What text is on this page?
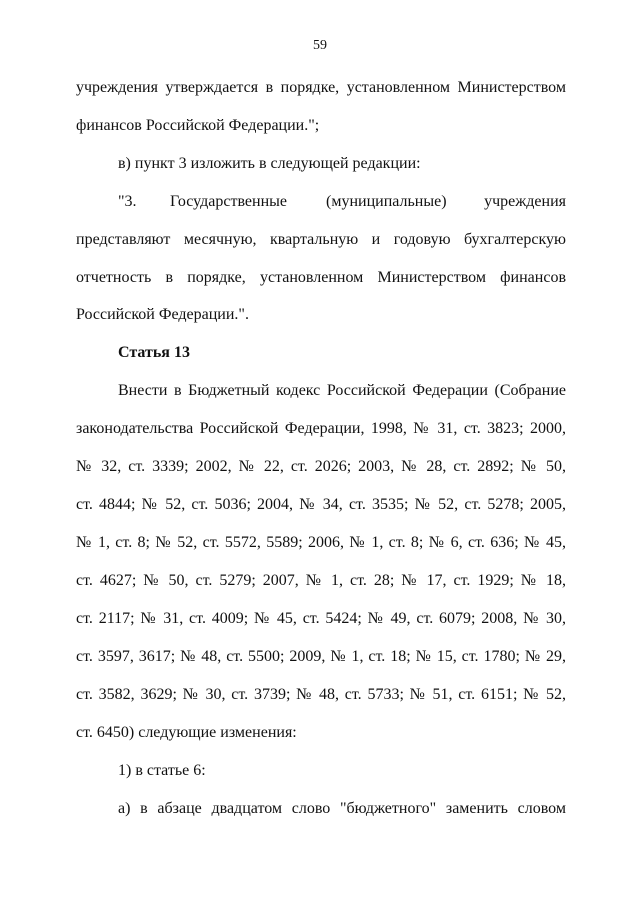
59
учреждения утверждается в порядке, установленном Министерством
финансов Российской Федерации.";
в) пункт 3 изложить в следующей редакции:
"3. Государственные (муниципальные) учреждения
представляют месячную, квартальную и годовую бухгалтерскую
отчетность в порядке, установленном Министерством финансов
Российской Федерации.".
Статья 13
Внести в Бюджетный кодекс Российской Федерации (Собрание
законодательства Российской Федерации, 1998, № 31, ст. 3823; 2000,
№ 32, ст. 3339; 2002, № 22, ст. 2026; 2003, № 28, ст. 2892; № 50,
ст. 4844; № 52, ст. 5036; 2004, № 34, ст. 3535; № 52, ст. 5278; 2005,
№ 1, ст. 8; № 52, ст. 5572, 5589; 2006, № 1, ст. 8; № 6, ст. 636; № 45,
ст. 4627; № 50, ст. 5279; 2007, № 1, ст. 28; № 17, ст. 1929; № 18,
ст. 2117; № 31, ст. 4009; № 45, ст. 5424; № 49, ст. 6079; 2008, № 30,
ст. 3597, 3617; № 48, ст. 5500; 2009, № 1, ст. 18; № 15, ст. 1780; № 29,
ст. 3582, 3629; № 30, ст. 3739; № 48, ст. 5733; № 51, ст. 6151; № 52,
ст. 6450) следующие изменения:
1) в статье 6:
а) в абзаце двадцатом слово "бюджетного" заменить словом
